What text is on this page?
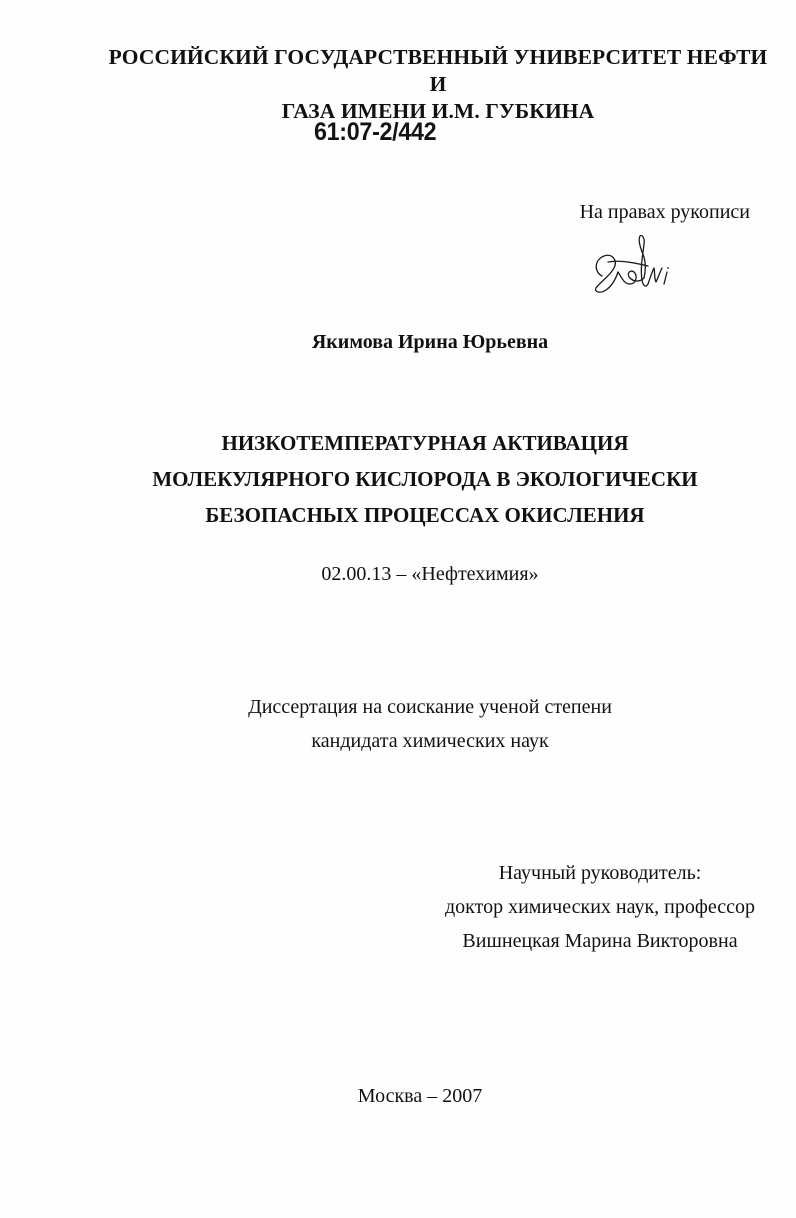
РОССИЙСКИЙ ГОСУДАРСТВЕННЫЙ УНИВЕРСИТЕТ НЕФТИ И
ГАЗА ИМЕНИ И.М. ГУБКИНА
61:07-2/442
На правах рукописи
Якимова Ирина Юрьевна
НИЗКОТЕМПЕРАТУРНАЯ АКТИВАЦИЯ
МОЛЕКУЛЯРНОГО КИСЛОРОДА В ЭКОЛОГИЧЕСКИ
БЕЗОПАСНЫХ ПРОЦЕССАХ ОКИСЛЕНИЯ
02.00.13 – «Нефтехимия»
Диссертация на соискание ученой степени
кандидата химических наук
Научный руководитель:
доктор химических наук, профессор
Вишнецкая Марина Викторовна
Москва – 2007
